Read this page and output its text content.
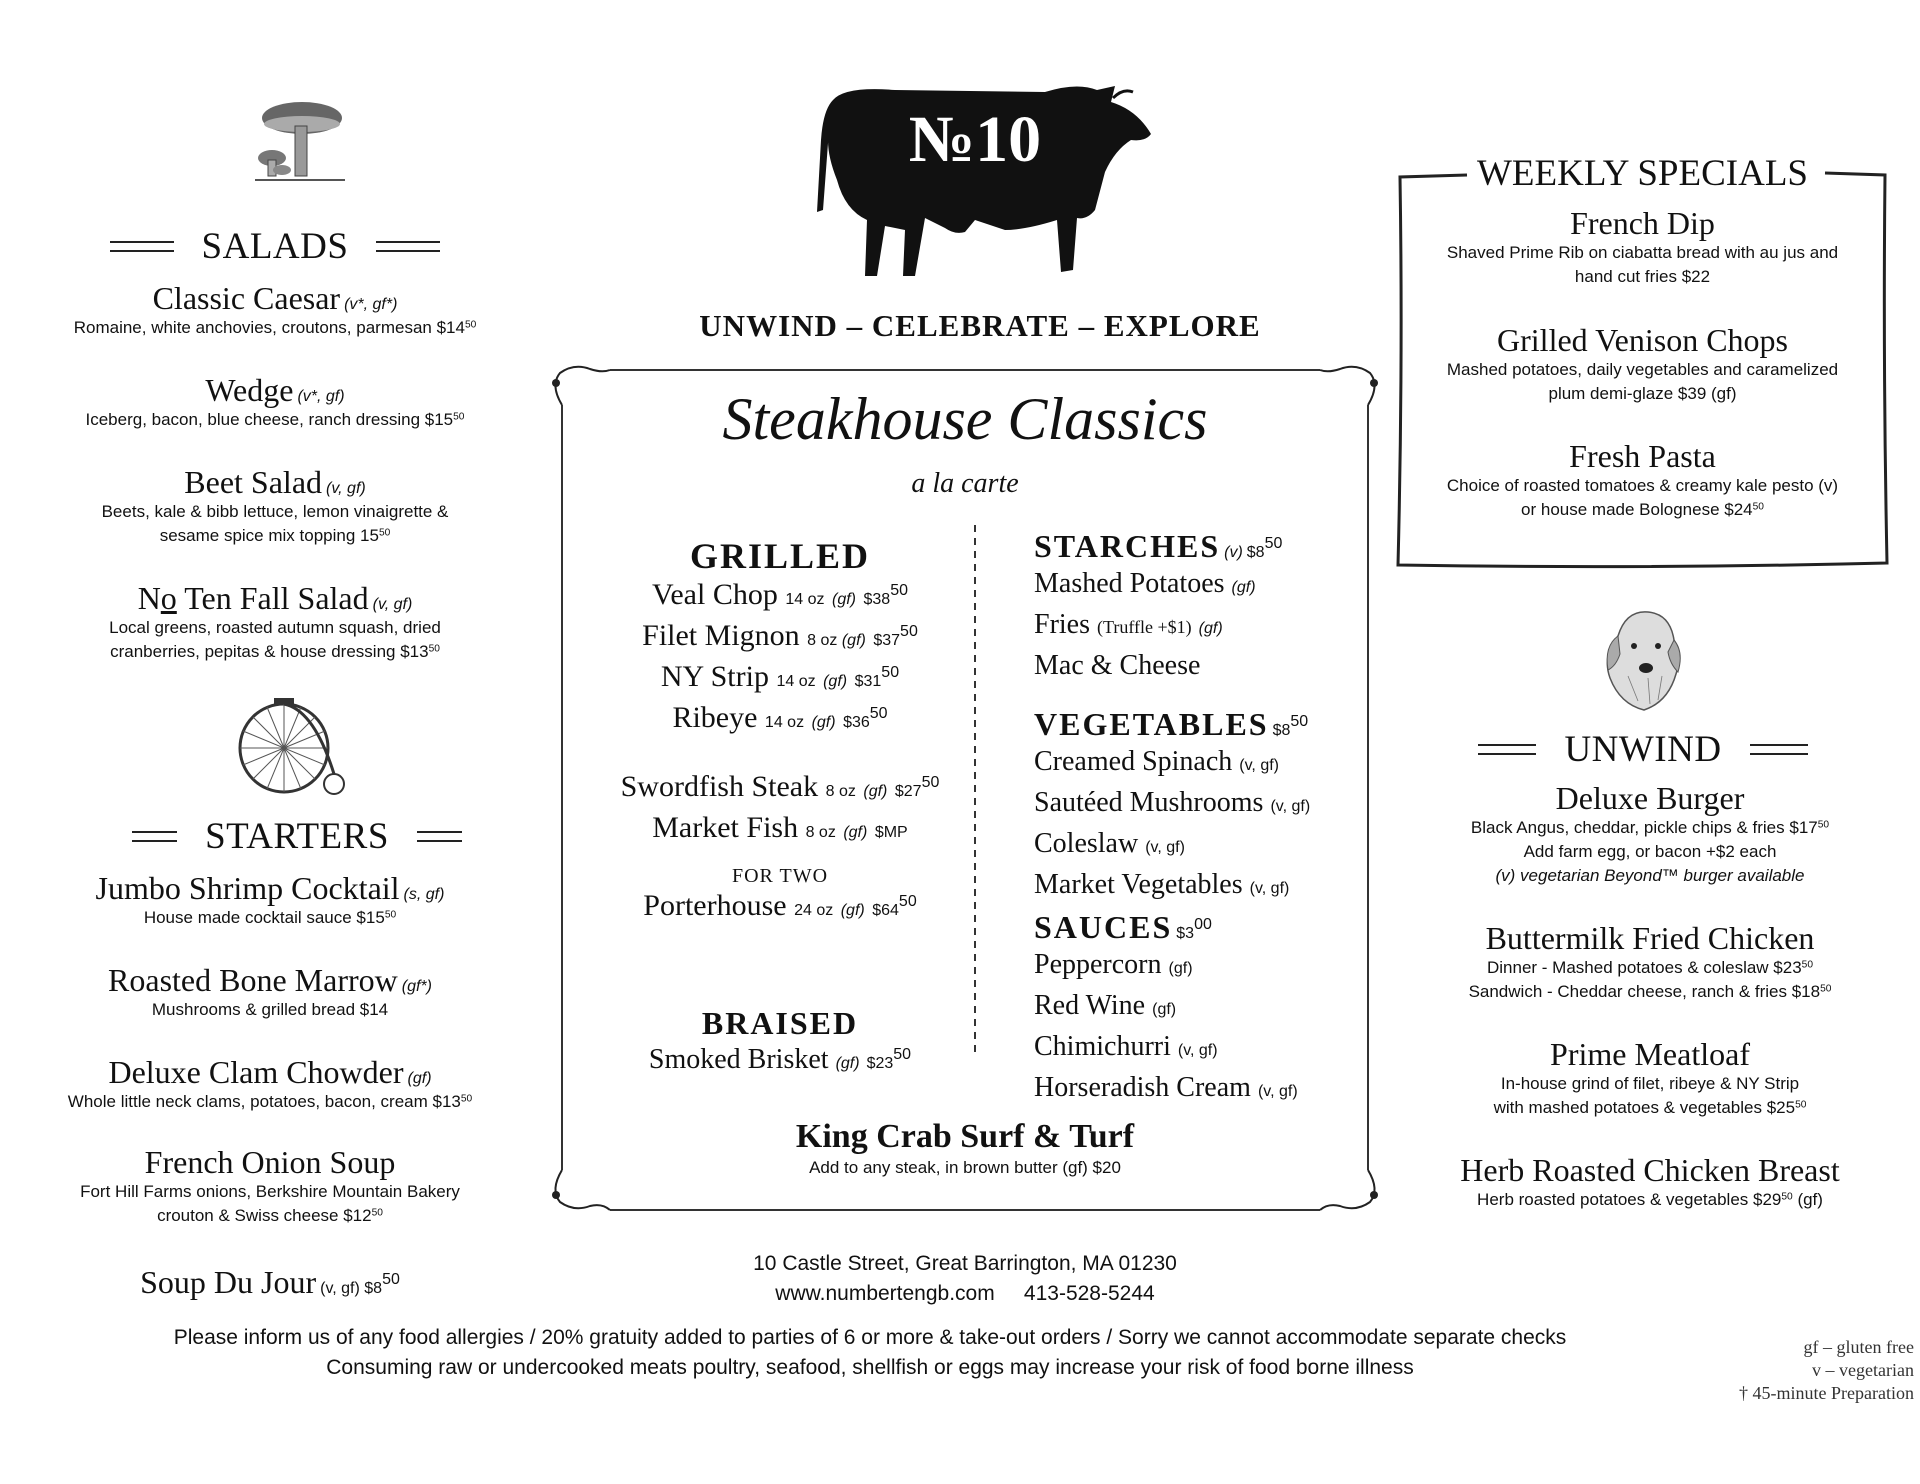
SALADS
Classic Caesar (v*, gf*)
Romaine, white anchovies, croutons, parmesan $\$14^{50}$
Wedge (v*, gf)
Iceberg, bacon, blue cheese, ranch dressing $\$15^{50}$
Beet Salad (v, gf)
Beets, kale & bibb lettuce, lemon vinaigrette &
sesame spice mix topping $15^{50}$
No Ten Fall Salad (v, gf)
Local greens, roasted autumn squash, dried
cranberries, pepitas & house dressing $\$13^{50}$
STARTERS
Jumbo Shrimp Cocktail (s, gf)
House made cocktail sauce $\$15^{50}$
Roasted Bone Marrow (gf*)
Mushrooms & grilled bread $14
Deluxe Clam Chowder (gf)
Whole little neck clams, potatoes, bacon, cream $\$13^{50}$
French Onion Soup
Fort Hill Farms onions, Berkshire Mountain Bakery
crouton & Swiss cheese $\$12^{50}$
Soup Du Jour (v, gf) $\$8^{50}$
№10
UNWIND – CELEBRATE – EXPLORE
Steakhouse Classics
a la carte
GRILLED
Veal Chop 14 oz (gf) $\$38^{50}$
Filet Mignon 8 oz (gf) $\$37^{50}$
NY Strip 14 oz (gf) $\$31^{50}$
Ribeye 14 oz (gf) $\$36^{50}$
Swordfish Steak 8 oz (gf) $\$27^{50}$
Market Fish 8 oz (gf) $MP
FOR TWO
Porterhouse 24 oz (gf) $\$64^{50}$
BRAISED
Smoked Brisket (gf) $\$23^{50}$
STARCHES (v) $\$8^{50}$
Mashed Potatoes (gf)
Fries (Truffle +$1) (gf)
Mac & Cheese
VEGETABLES $\$8^{50}$
Creamed Spinach (v, gf)
Sautéed Mushrooms (v, gf)
Coleslaw (v, gf)
Market Vegetables (v, gf)
SAUCES $\$3^{00}$
Peppercorn (gf)
Red Wine (gf)
Chimichurri (v, gf)
Horseradish Cream (v, gf)
King Crab Surf & Turf
Add to any steak, in brown butter (gf) $20
WEEKLY SPECIALS
French Dip
Shaved Prime Rib on ciabatta bread with au jus and
hand cut fries $22
Grilled Venison Chops
Mashed potatoes, daily vegetables and caramelized
plum demi-glaze $39 (gf)
Fresh Pasta
Choice of roasted tomatoes & creamy kale pesto (v)
or house made Bolognese $\$24^{50}$
UNWIND
Deluxe Burger
Black Angus, cheddar, pickle chips & fries $\$17^{50}$
Add farm egg, or bacon +$2 each
(v) vegetarian Beyond™ burger available
Buttermilk Fried Chicken
Dinner - Mashed potatoes & coleslaw $\$23^{50}$
Sandwich - Cheddar cheese, ranch & fries $\$18^{50}$
Prime Meatloaf
In-house grind of filet, ribeye & NY Strip
with mashed potatoes & vegetables $\$25^{50}$
Herb Roasted Chicken Breast
Herb roasted potatoes & vegetables $\$29^{50}$ (gf)
10 Castle Street, Great Barrington, MA 01230
www.numbertengb.com 413-528-5244
Please inform us of any food allergies / 20% gratuity added to parties of 6 or more & take-out orders / Sorry we cannot accommodate separate checks
Consuming raw or undercooked meats poultry, seafood, shellfish or eggs may increase your risk of food borne illness
gf – gluten free
v – vegetarian
† 45-minute Preparation
